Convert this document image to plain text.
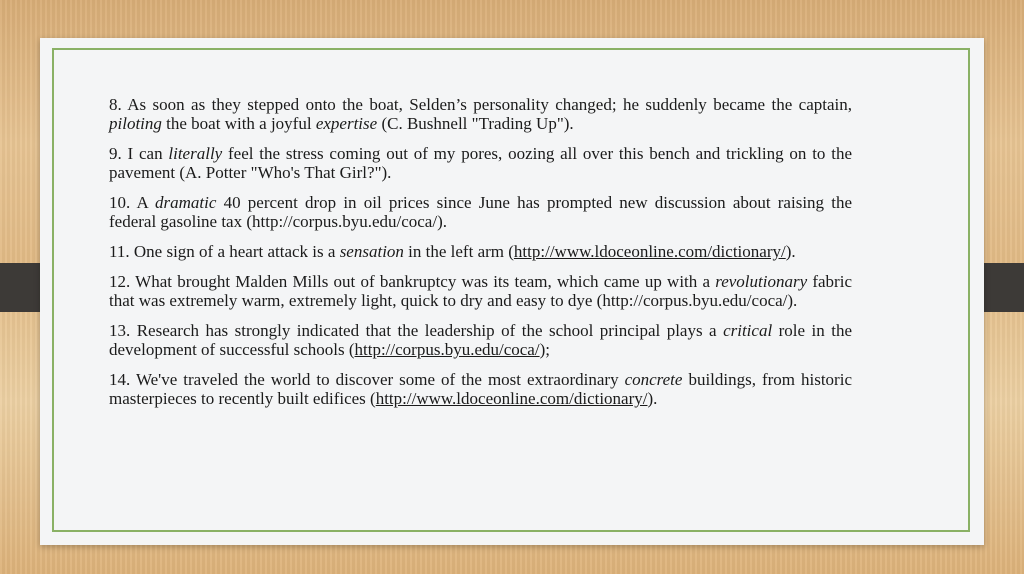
8. As soon as they stepped onto the boat, Selden’s personality changed; he suddenly became the captain, piloting the boat with a joyful expertise (C. Bushnell "Trading Up").

9. I can literally feel the stress coming out of my pores, oozing all over this bench and trickling on to the pavement (A. Potter "Who's That Girl?").

10. A dramatic 40 percent drop in oil prices since June has prompted new discussion about raising the federal gasoline tax (http://corpus.byu.edu/coca/).

11. One sign of a heart attack is a sensation in the left arm (http://www.ldoceonline.com/dictionary/).

12. What brought Malden Mills out of bankruptcy was its team, which came up with a revolutionary fabric that was extremely warm, extremely light, quick to dry and easy to dye (http://corpus.byu.edu/coca/).

13. Research has strongly indicated that the leadership of the school principal plays a critical role in the development of successful schools (http://corpus.byu.edu/coca/);

14. We've traveled the world to discover some of the most extraordinary concrete buildings, from historic masterpieces to recently built edifices (http://www.ldoceonline.com/dictionary/).
